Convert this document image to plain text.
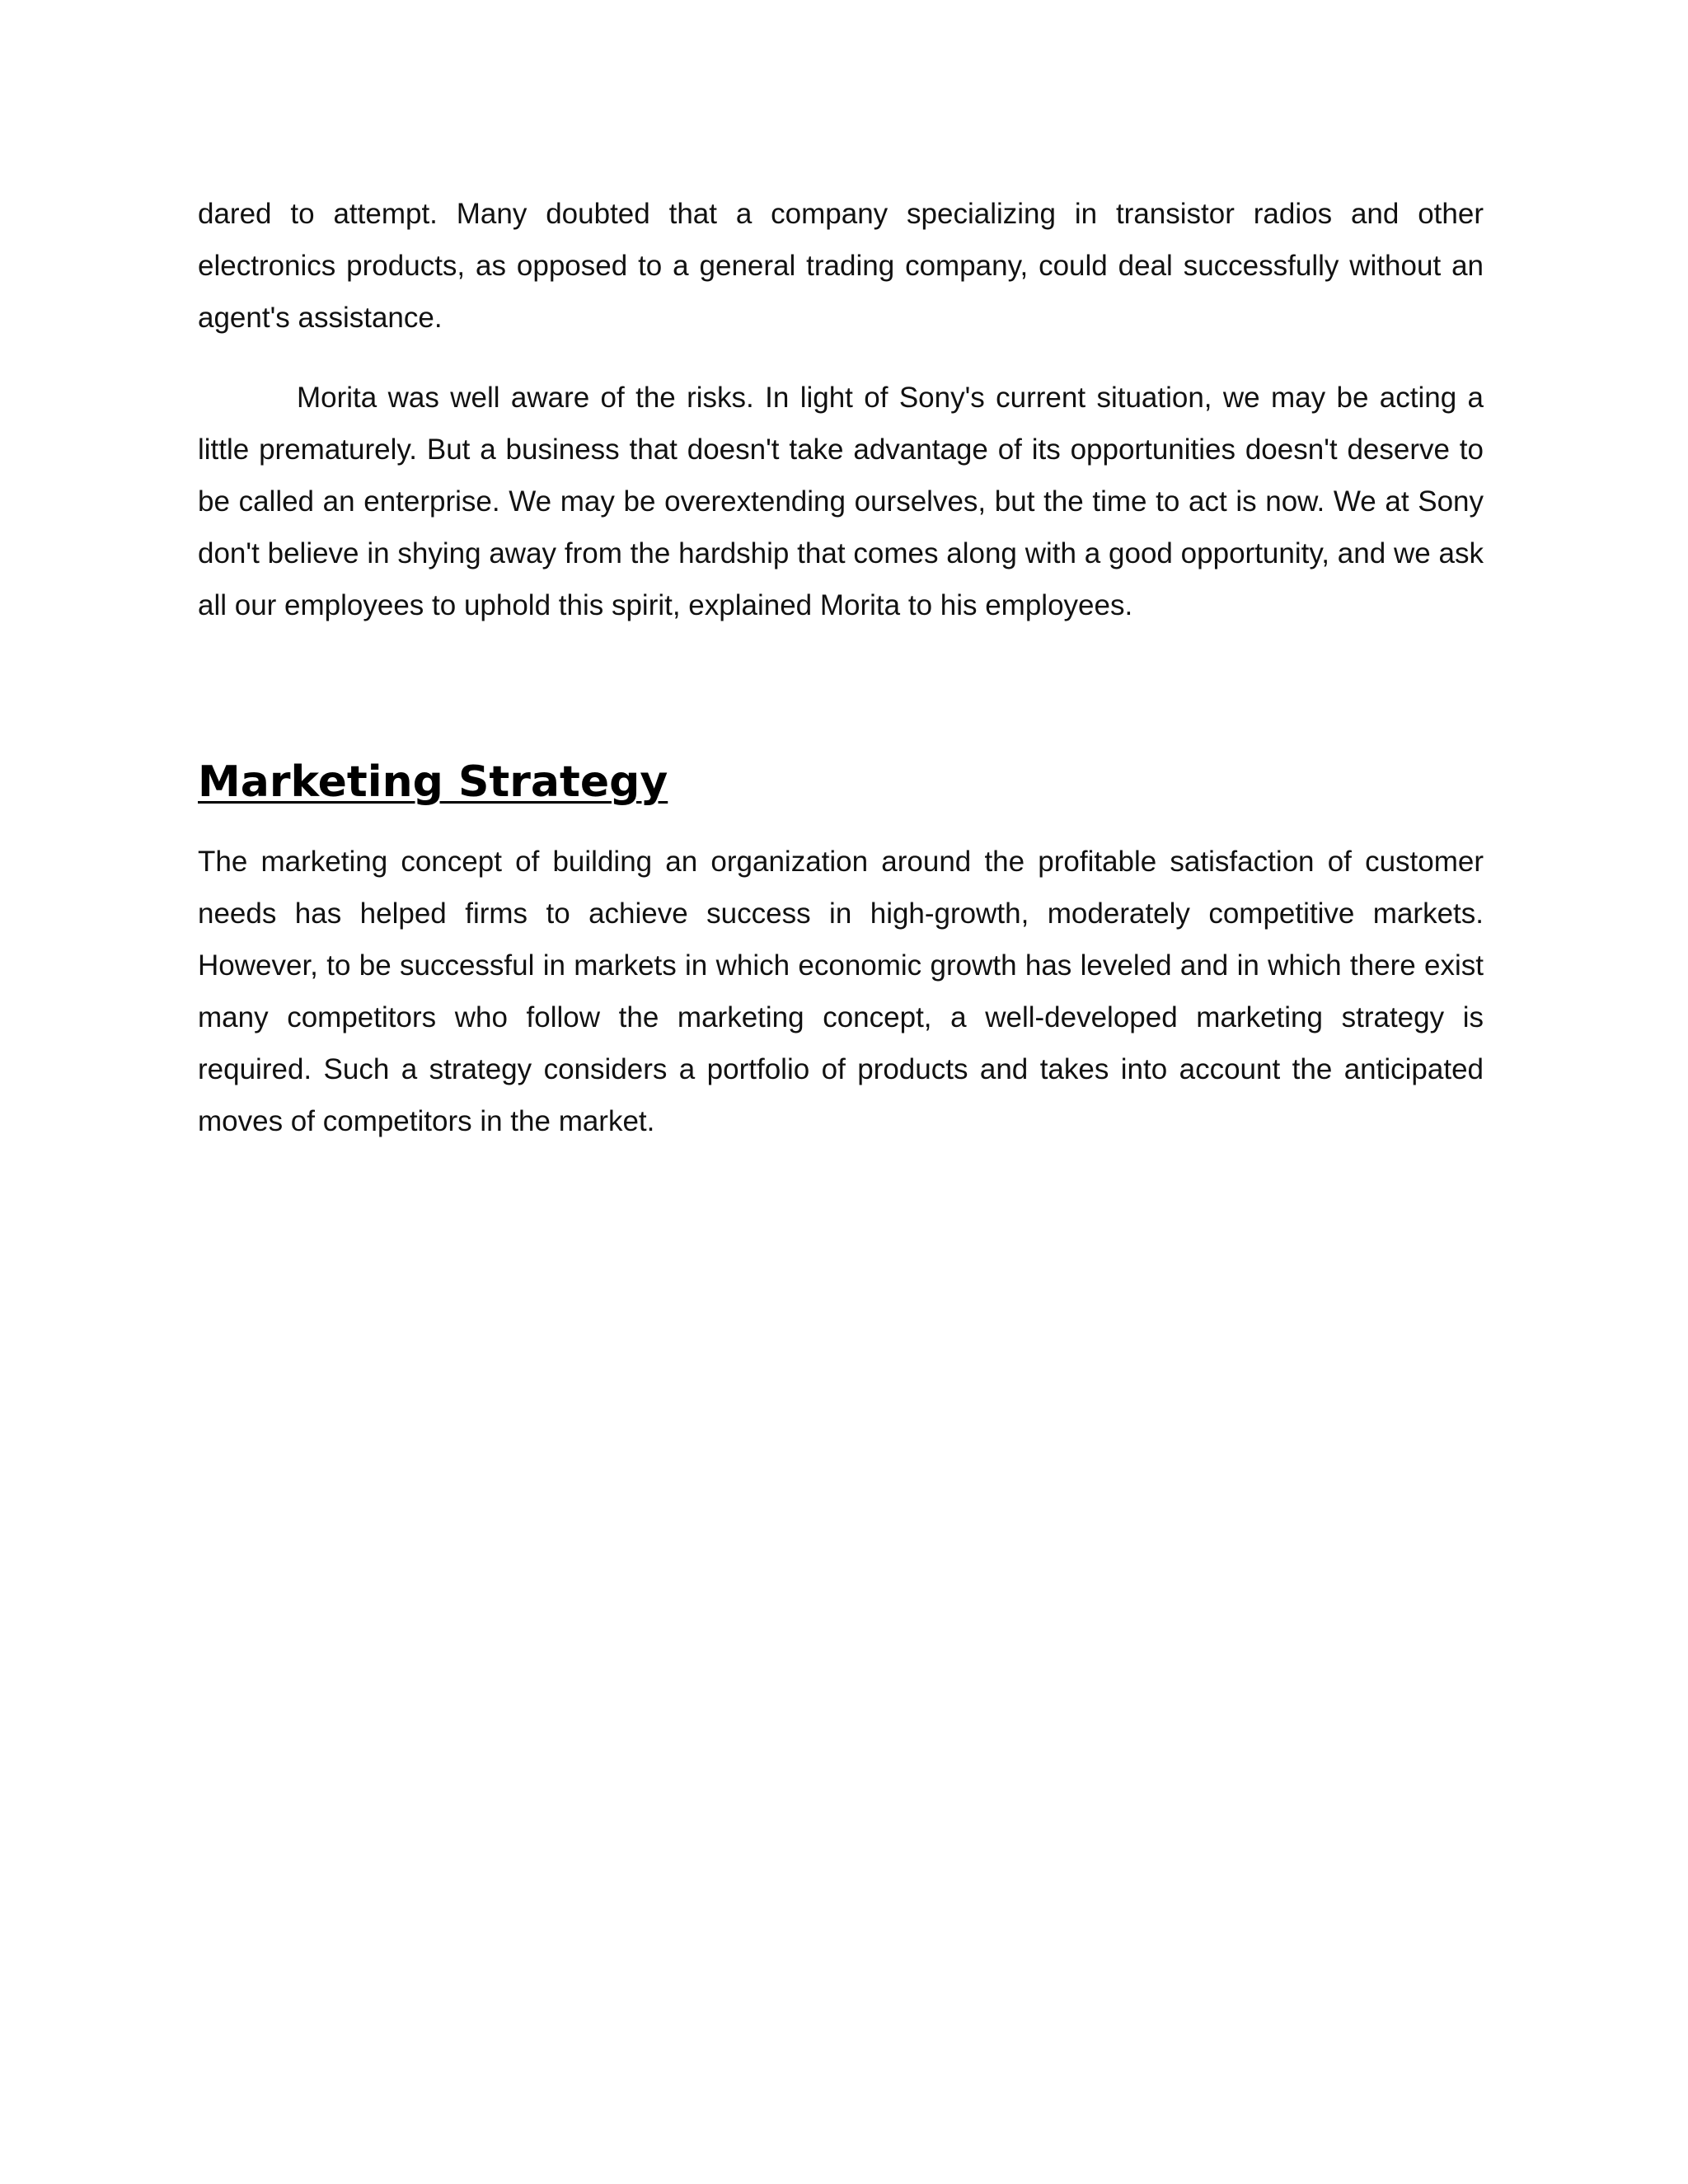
dared to attempt. Many doubted that a company specializing in transistor radios and other electronics products, as opposed to a general trading company, could deal successfully without an agent's assistance.

Morita was well aware of the risks. In light of Sony's current situation, we may be acting a little prematurely. But a business that doesn't take advantage of its opportunities doesn't deserve to be called an enterprise. We may be overextending ourselves, but the time to act is now. We at Sony don't believe in shying away from the hardship that comes along with a good opportunity, and we ask all our employees to uphold this spirit, explained Morita to his employees.

Marketing Strategy

The marketing concept of building an organization around the profitable satisfaction of customer needs has helped firms to achieve success in high-growth, moderately competitive markets. However, to be successful in markets in which economic growth has leveled and in which there exist many competitors who follow the marketing concept, a well-developed marketing strategy is required. Such a strategy considers a portfolio of products and takes into account the anticipated moves of competitors in the market.
